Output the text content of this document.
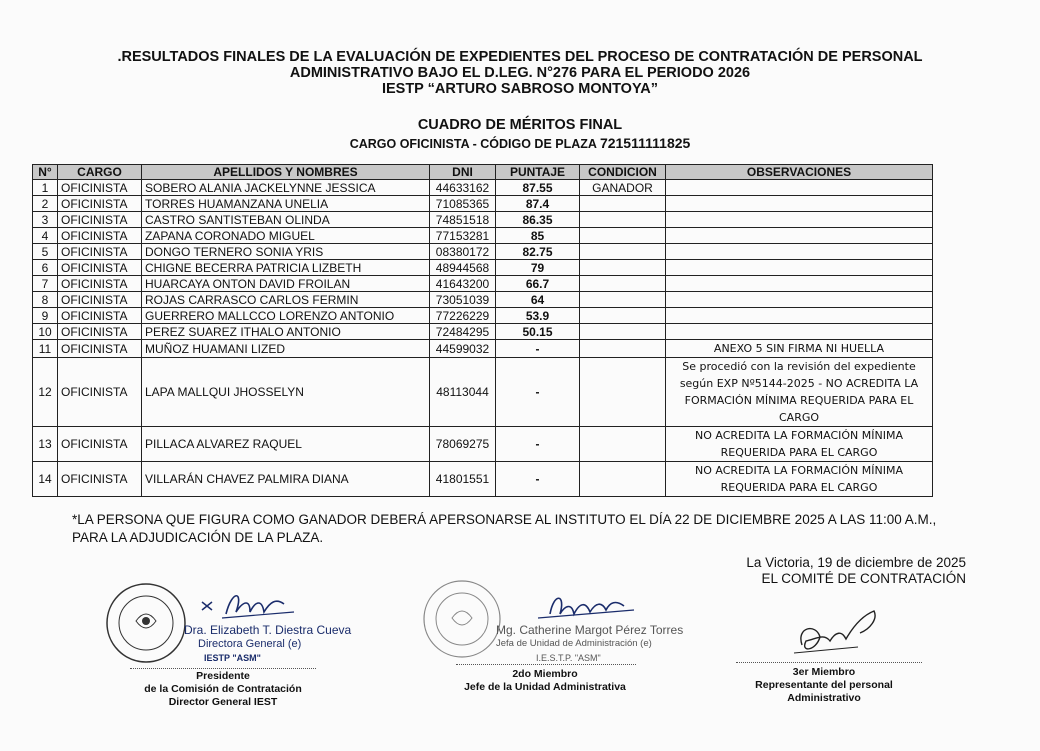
.RESULTADOS FINALES DE LA EVALUACIÓN DE EXPEDIENTES DEL PROCESO DE CONTRATACIÓN DE PERSONAL
ADMINISTRATIVO BAJO EL D.LEG. N°276 PARA EL PERIODO 2026
IESTP “ARTURO SABROSO MONTOYA”
CUADRO DE MÉRITOS FINAL
CARGO OFICINISTA - CÓDIGO DE PLAZA 721511111825
N°	CARGO	APELLIDOS Y NOMBRES	DNI	PUNTAJE	CONDICION	OBSERVACIONES
1	OFICINISTA	SOBERO ALANIA JACKELYNNE JESSICA	44633162	87.55	GANADOR	
2	OFICINISTA	TORRES HUAMANZANA UNELIA	71085365	87.4		
3	OFICINISTA	CASTRO SANTISTEBAN OLINDA	74851518	86.35		
4	OFICINISTA	ZAPANA CORONADO MIGUEL	77153281	85		
5	OFICINISTA	DONGO TERNERO SONIA YRIS	08380172	82.75		
6	OFICINISTA	CHIGNE BECERRA PATRICIA LIZBETH	48944568	79		
7	OFICINISTA	HUARCAYA ONTON DAVID FROILAN	41643200	66.7		
8	OFICINISTA	ROJAS CARRASCO CARLOS FERMIN	73051039	64		
9	OFICINISTA	GUERRERO MALLCCO LORENZO ANTONIO	77226229	53.9		
10	OFICINISTA	PEREZ SUAREZ ITHALO ANTONIO	72484295	50.15		
11	OFICINISTA	MUÑOZ HUAMANI LIZED	44599032	-		ANEXO 5 SIN FIRMA NI HUELLA
12	OFICINISTA	LAPA MALLQUI JHOSSELYN	48113044	-		Se procedió con la revisión del expediente según EXP Nº5144-2025 - NO ACREDITA LA FORMACIÓN MÍNIMA REQUERIDA PARA EL CARGO
13	OFICINISTA	PILLACA ALVAREZ RAQUEL	78069275	-		NO ACREDITA LA FORMACIÓN MÍNIMA REQUERIDA PARA EL CARGO
14	OFICINISTA	VILLARÁN CHAVEZ PALMIRA DIANA	41801551	-		NO ACREDITA LA FORMACIÓN MÍNIMA REQUERIDA PARA EL CARGO
*LA PERSONA QUE FIGURA COMO GANADOR DEBERÁ APERSONARSE AL INSTITUTO EL DÍA 22 DE DICIEMBRE 2025 A LAS 11:00 A.M., PARA LA ADJUDICACIÓN DE LA PLAZA.
La Victoria, 19 de diciembre de 2025
EL COMITÉ DE CONTRATACIÓN
Dra. Elizabeth T. Diestra Cueva
Directora General (e)
IESTP "ASM"
Presidente
de la Comisión de Contratación
Director General IEST
Mg. Catherine Margot Pérez Torres
Jefa de Unidad de Administración (e)
I.E.S.T.P. "ASM"
2do Miembro
Jefe de la Unidad Administrativa
3er Miembro
Representante del personal
Administrativo
